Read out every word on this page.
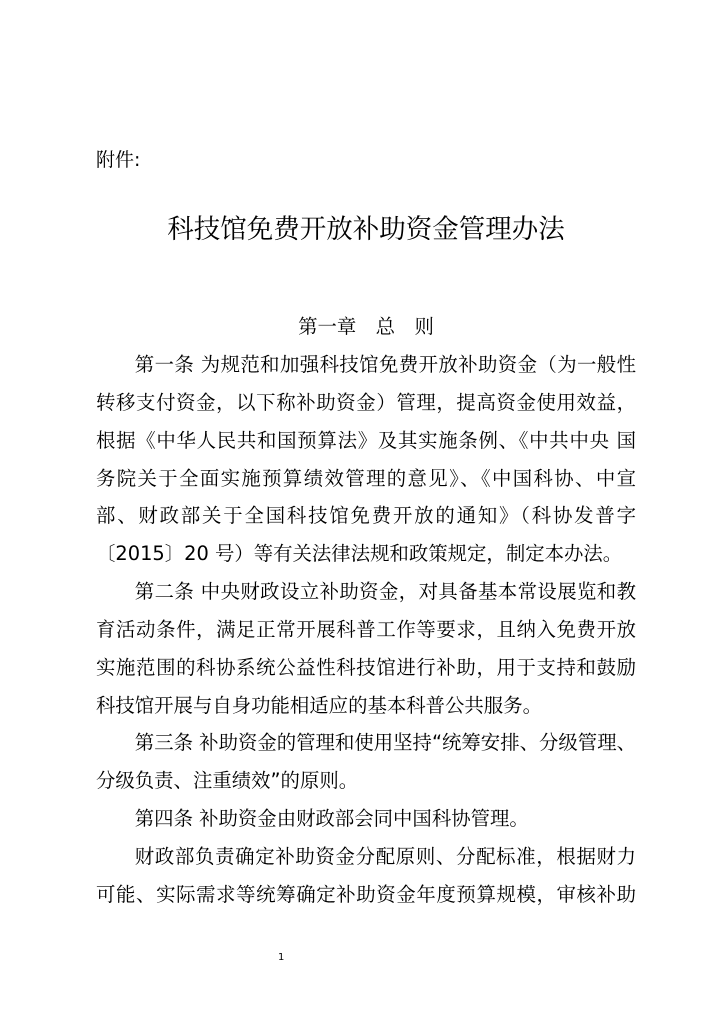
附件:
科技馆免费开放补助资金管理办法
第一章　总　则
第一条 为规范和加强科技馆免费开放补助资金（为一般性
转移支付资金，以下称补助资金）管理，提高资金使用效益，
根据《中华人民共和国预算法》及其实施条例、《中共中央 国
务院关于全面实施预算绩效管理的意见》、《中国科协、中宣
部、财政部关于全国科技馆免费开放的通知》（科协发普字
〔2015〕20 号）等有关法律法规和政策规定，制定本办法。
第二条 中央财政设立补助资金，对具备基本常设展览和教
育活动条件，满足正常开展科普工作等要求，且纳入免费开放
实施范围的科协系统公益性科技馆进行补助，用于支持和鼓励
科技馆开展与自身功能相适应的基本科普公共服务。
第三条 补助资金的管理和使用坚持“统筹安排、分级管理、
分级负责、注重绩效”的原则。
第四条 补助资金由财政部会同中国科协管理。
财政部负责确定补助资金分配原则、分配标准，根据财力
可能、实际需求等统筹确定补助资金年度预算规模，审核补助
1
